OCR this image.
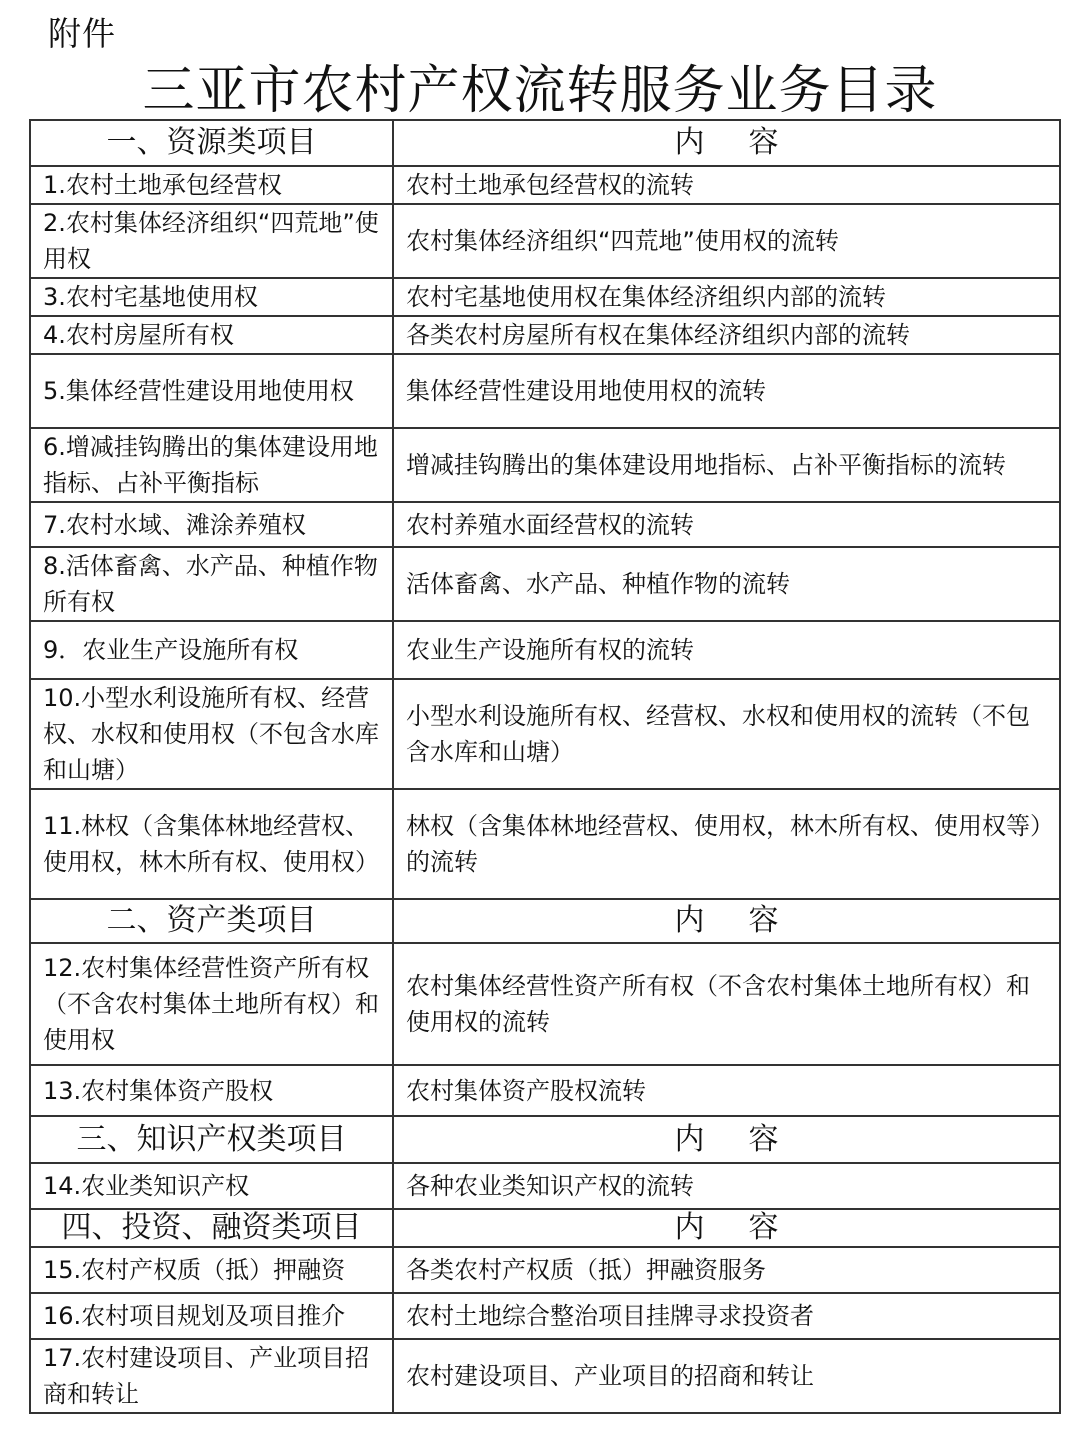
附件
三亚市农村产权流转服务业务目录
一、资源类项目	内容
1.农村土地承包经营权	农村土地承包经营权的流转
2.农村集体经济组织“四荒地”使用权	农村集体经济组织“四荒地”使用权的流转
3.农村宅基地使用权	农村宅基地使用权在集体经济组织内部的流转
4.农村房屋所有权	各类农村房屋所有权在集体经济组织内部的流转
5.集体经营性建设用地使用权	集体经营性建设用地使用权的流转
6.增减挂钩腾出的集体建设用地指标、占补平衡指标	增减挂钩腾出的集体建设用地指标、占补平衡指标的流转
7.农村水域、滩涂养殖权	农村养殖水面经营权的流转
8.活体畜禽、水产品、种植作物所有权	活体畜禽、水产品、种植作物的流转
9．农业生产设施所有权	农业生产设施所有权的流转
10.小型水利设施所有权、经营权、水权和使用权（不包含水库和山塘）	小型水利设施所有权、经营权、水权和使用权的流转（不包含水库和山塘）
11.林权（含集体林地经营权、使用权，林木所有权、使用权）	林权（含集体林地经营权、使用权，林木所有权、使用权等）的流转
二、资产类项目	内容
12.农村集体经营性资产所有权（不含农村集体土地所有权）和使用权	农村集体经营性资产所有权（不含农村集体土地所有权）和使用权的流转
13.农村集体资产股权	农村集体资产股权流转
三、知识产权类项目	内容
14.农业类知识产权	各种农业类知识产权的流转
四、投资、融资类项目	内容
15.农村产权质（抵）押融资	各类农村产权质（抵）押融资服务
16.农村项目规划及项目推介	农村土地综合整治项目挂牌寻求投资者
17.农村建设项目、产业项目招商和转让	农村建设项目、产业项目的招商和转让
